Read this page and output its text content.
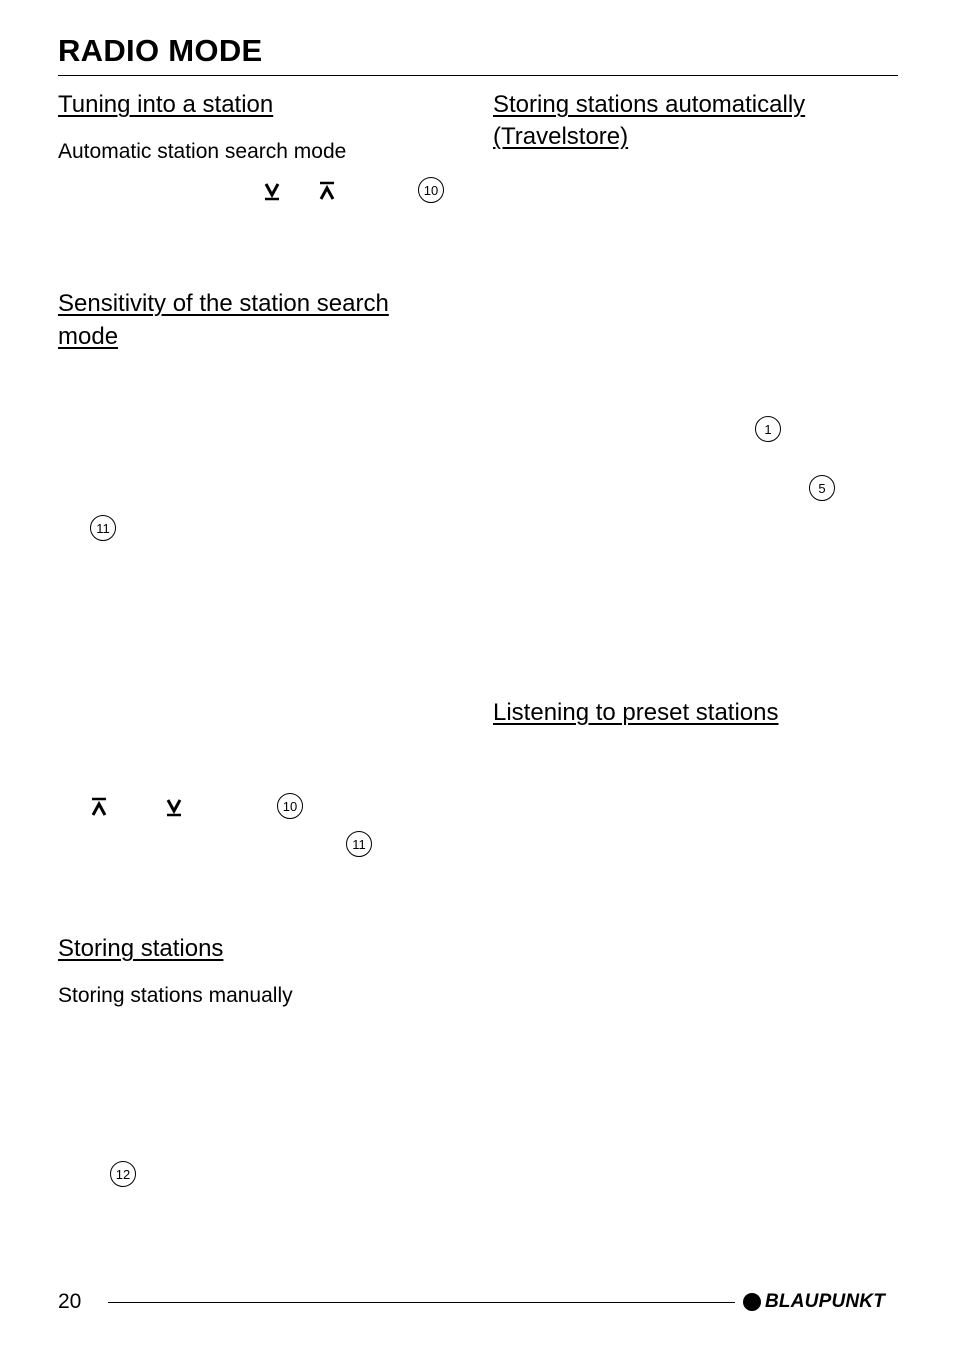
RADIO MODE
Tuning into a station
Automatic station search mode
10
Sensitivity of the station search
mode
11
10
11
Storing stations
Storing stations manually
12
Storing stations automatically
(Travelstore)
1
5
Listening to preset stations
20	BLAUPUNKT
